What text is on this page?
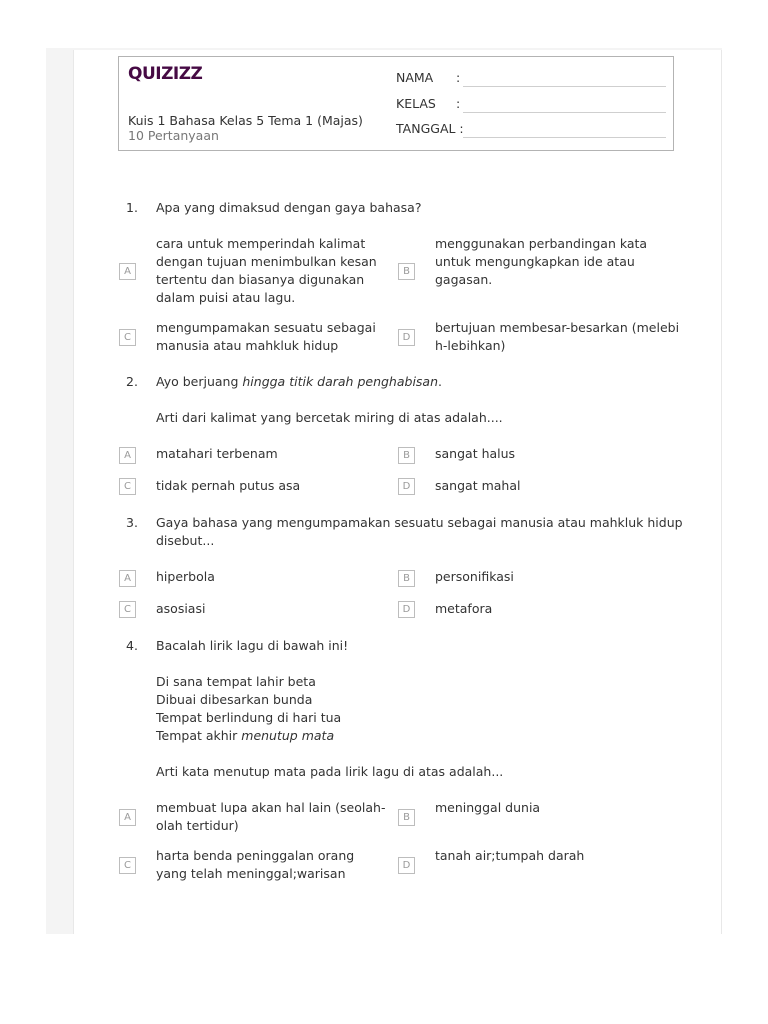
QUIZIZZ
Kuis 1 Bahasa Kelas 5 Tema 1 (Majas)
10 Pertanyaan
NAMA :
KELAS :
TANGGAL :
1. Apa yang dimaksud dengan gaya bahasa?
A
cara untuk memperindah kalimat dengan tujuan menimbulkan kesan tertentu dan biasanya digunakan dalam puisi atau lagu.
B
menggunakan perbandingan kata untuk mengungkapkan ide atau gagasan.
C
mengumpamakan sesuatu sebagai manusia atau mahkluk hidup
D
bertujuan membesar-besarkan (melebih-lebihkan)
2. Ayo berjuang hingga titik darah penghabisan.
Arti dari kalimat yang bercetak miring di atas adalah....
A	matahari terbenam	B	sangat halus
C	tidak pernah putus asa	D	sangat mahal
3. Gaya bahasa yang mengumpamakan sesuatu sebagai manusia atau mahkluk hidup
disebut...
A	hiperbola	B	personifikasi
C	asosiasi	D	metafora
4. Bacalah lirik lagu di bawah ini!
Di sana tempat lahir beta
Dibuai dibesarkan bunda
Tempat berlindung di hari tua
Tempat akhir menutup mata
Arti kata menutup mata pada lirik lagu di atas adalah...
A
membuat lupa akan hal lain (seolah-olah tertidur)
B
meninggal dunia
C
harta benda peninggalan orang yang telah meninggal;warisan
D
tanah air;tumpah darah
